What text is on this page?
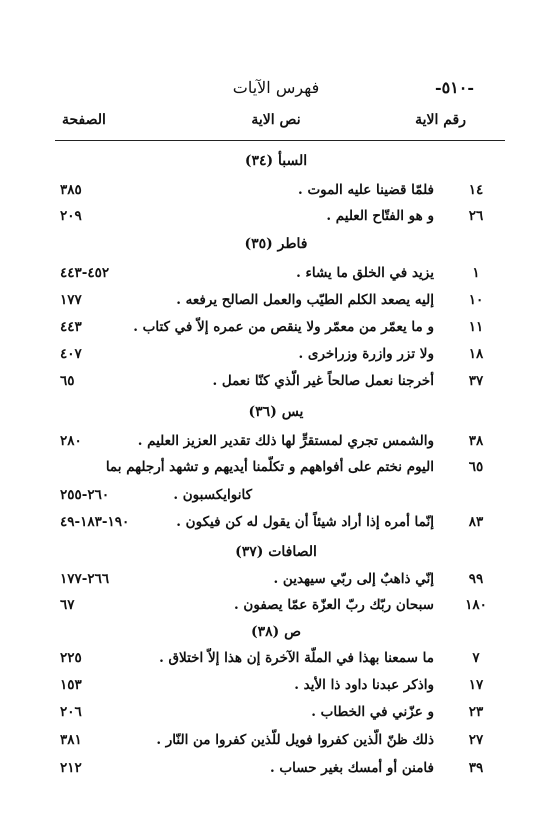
-٥١٠-
فهرس الآيات
رقم الاية
نص الاية
الصفحة
السبأ (٣٤)
١٤
فلمّا قضينا عليه الموت .
٣٨٥
٢٦
و هو الفتّاح العليم .
٢٠٩
فاطر (٣٥)
١
يزيد في الخلق ما يشاء .
٤٥٢-٤٤٣
١٠
إليه يصعد الكلم الطيّب والعمل الصالح يرفعه .
١٧٧
١١
و ما يعمّر من معمّر ولا ينقص من عمره إلاّ في كتاب .
٤٤٣
١٨
ولا تزر وازرة وزراخرى .
٤٠٧
٣٧
أخرجنا نعمل صالحاً غير الّذي كنّا نعمل .
٦٥
يس (٣٦)
٣٨
والشمس تجري لمستقرٍّ لها ذلك تقدير العزيز العليم .
٢٨٠
٦٥
اليوم نختم على أفواههم و تكلّمنا أيديهم و تشهد أرجلهم بما
كانوايكسبون .
٢٦٠-٢٥٥
٨٣
إنّما أمره إذا أراد شيئاً أن يقول له كن فيكون .
١٩٠-١٨٣-٤٩
الصافات (٣٧)
٩٩
إنّي ذاهبٌ إلى ربّي سيهدين .
٢٦٦-١٧٧
١٨٠
سبحان ربّك ربّ العزّة عمّا يصفون .
٦٧
ص (٣٨)
٧
ما سمعنا بهذا في الملّة الآخرة إن هذا إلاّ اختلاق .
٢٢٥
١٧
واذكر عبدنا داود ذا الأيد .
١٥٣
٢٣
و عزّني في الخطاب .
٢٠٦
٢٧
ذلك ظنّ الّذين كفروا فويل للّذين كفروا من النّار .
٣٨١
٣٩
فامنن أو أمسك بغير حساب .
٢١٢
